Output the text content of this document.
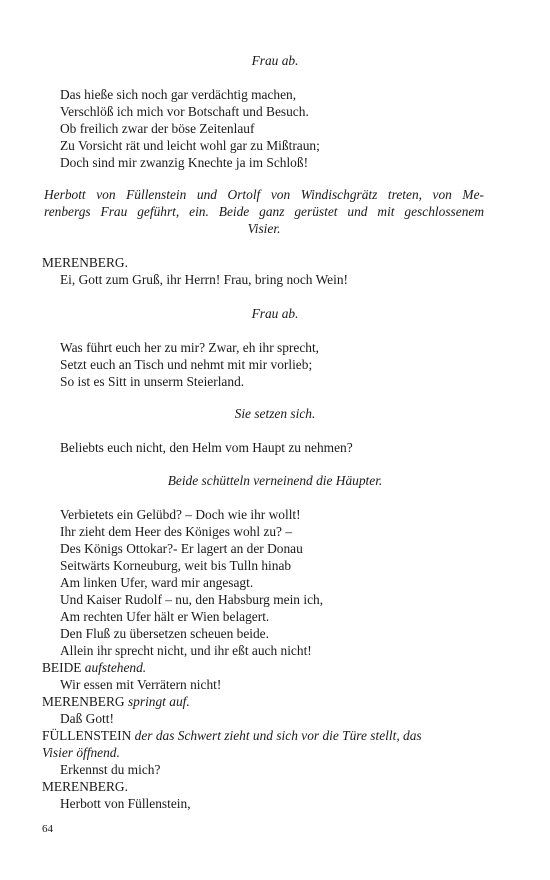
Frau ab.
Das hieße sich noch gar verdächtig machen,
Verschlöß ich mich vor Botschaft und Besuch.
Ob freilich zwar der böse Zeitenlauf
Zu Vorsicht rät und leicht wohl gar zu Mißtraun;
Doch sind mir zwanzig Knechte ja im Schloß!
Herbott von Füllenstein und Ortolf von Windischgrätz treten, von Me-
renbergs Frau geführt, ein. Beide ganz gerüstet und mit geschlossenem
Visier.
MERENBERG.
Ei, Gott zum Gruß, ihr Herrn! Frau, bring noch Wein!
Frau ab.
Was führt euch her zu mir? Zwar, eh ihr sprecht,
Setzt euch an Tisch und nehmt mit mir vorlieb;
So ist es Sitt in unserm Steierland.
Sie setzen sich.
Beliebts euch nicht, den Helm vom Haupt zu nehmen?
Beide schütteln verneinend die Häupter.
Verbietets ein Gelübd? – Doch wie ihr wollt!
Ihr zieht dem Heer des Königes wohl zu? –
Des Königs Ottokar?- Er lagert an der Donau
Seitwärts Korneuburg, weit bis Tulln hinab
Am linken Ufer, ward mir angesagt.
Und Kaiser Rudolf – nu, den Habsburg mein ich,
Am rechten Ufer hält er Wien belagert.
Den Fluß zu übersetzen scheuen beide.
Allein ihr sprecht nicht, und ihr eßt auch nicht!
BEIDE aufstehend.
Wir essen mit Verrätern nicht!
MERENBERG springt auf.
Daß Gott!
FÜLLENSTEIN der das Schwert zieht und sich vor die Türe stellt, das
Visier öffnend.
Erkennst du mich?
MERENBERG.
Herbott von Füllenstein,
64
